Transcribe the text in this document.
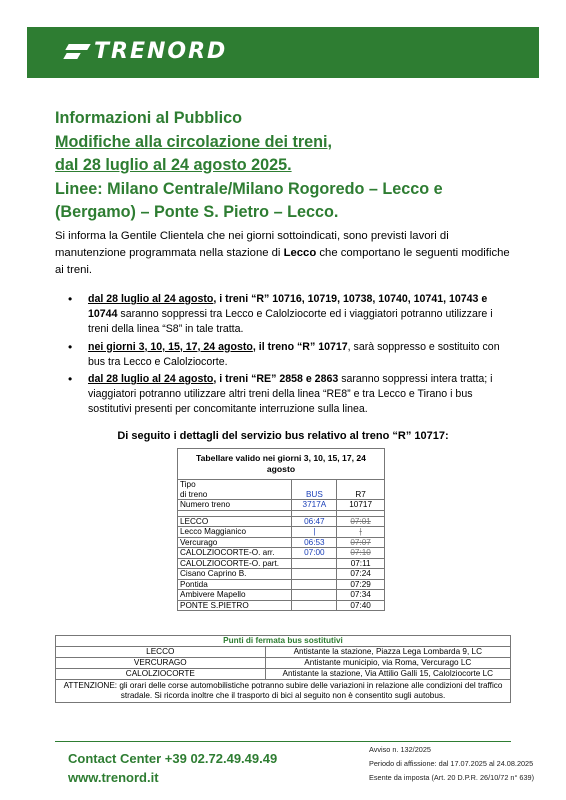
TRENORD
Informazioni al Pubblico
Modifiche alla circolazione dei treni,
dal 28 luglio al 24 agosto 2025.
Linee: Milano Centrale/Milano Rogoredo – Lecco e
(Bergamo) – Ponte S. Pietro – Lecco.

Si informa la Gentile Clientela che nei giorni sottoindicati, sono previsti lavori di manutenzione programmata nella stazione di Lecco che comportano le seguenti modifiche ai treni.

• dal 28 luglio al 24 agosto, i treni “R” 10716, 10719, 10738, 10740, 10741, 10743 e 10744 saranno soppressi tra Lecco e Calolziocorte ed i viaggiatori potranno utilizzare i treni della linea “S8” in tale tratta.
• nei giorni 3, 10, 15, 17, 24 agosto, il treno “R” 10717, sarà soppresso e sostituito con bus tra Lecco e Calolziocorte.
• dal 28 luglio al 24 agosto, i treni “RE” 2858 e 2863 saranno soppressi intera tratta; i viaggiatori potranno utilizzare altri treni della linea “RE8” e tra Lecco e Tirano i bus sostitutivi presenti per concomitante interruzione sulla linea.
Di seguito i dettagli del servizio bus relativo al treno “R” 10717:
Tabellare valido nei giorni 3, 10, 15, 17, 24 agosto		
Tipo		
di treno	BUS	R7
Numero treno	3717A	10717

LECCO	06:47	07:01
Lecco Maggianico	|	|
Vercurago	06:53	07:07
CALOLZIOCORTE-O. arr.	07:00	07:10
CALOLZIOCORTE-O. part.		07:11
Cisano Caprino B.		07:24
Pontida		07:29
Ambivere Mapello		07:34
PONTE S.PIETRO		07:40
Punti di fermata bus sostitutivi	
LECCO	Antistante la stazione, Piazza Lega Lombarda 9, LC
VERCURAGO	Antistante municipio, via Roma, Vercurago LC
CALOLZIOCORTE	Antistante la stazione, Via Attilio Galli 15, Calolziocorte LC
ATTENZIONE: gli orari delle corse automobilistiche potranno subire delle variazioni in relazione alle condizioni del traffico stradale. Si ricorda inoltre che il trasporto di bici al seguito non è consentito sugli autobus.	
Contact Center +39 02.72.49.49.49
www.trenord.it
Avviso n. 132/2025
Periodo di affissione: dal 17.07.2025 al 24.08.2025
Esente da imposta (Art. 20 D.P.R. 26/10/72 n° 639)
